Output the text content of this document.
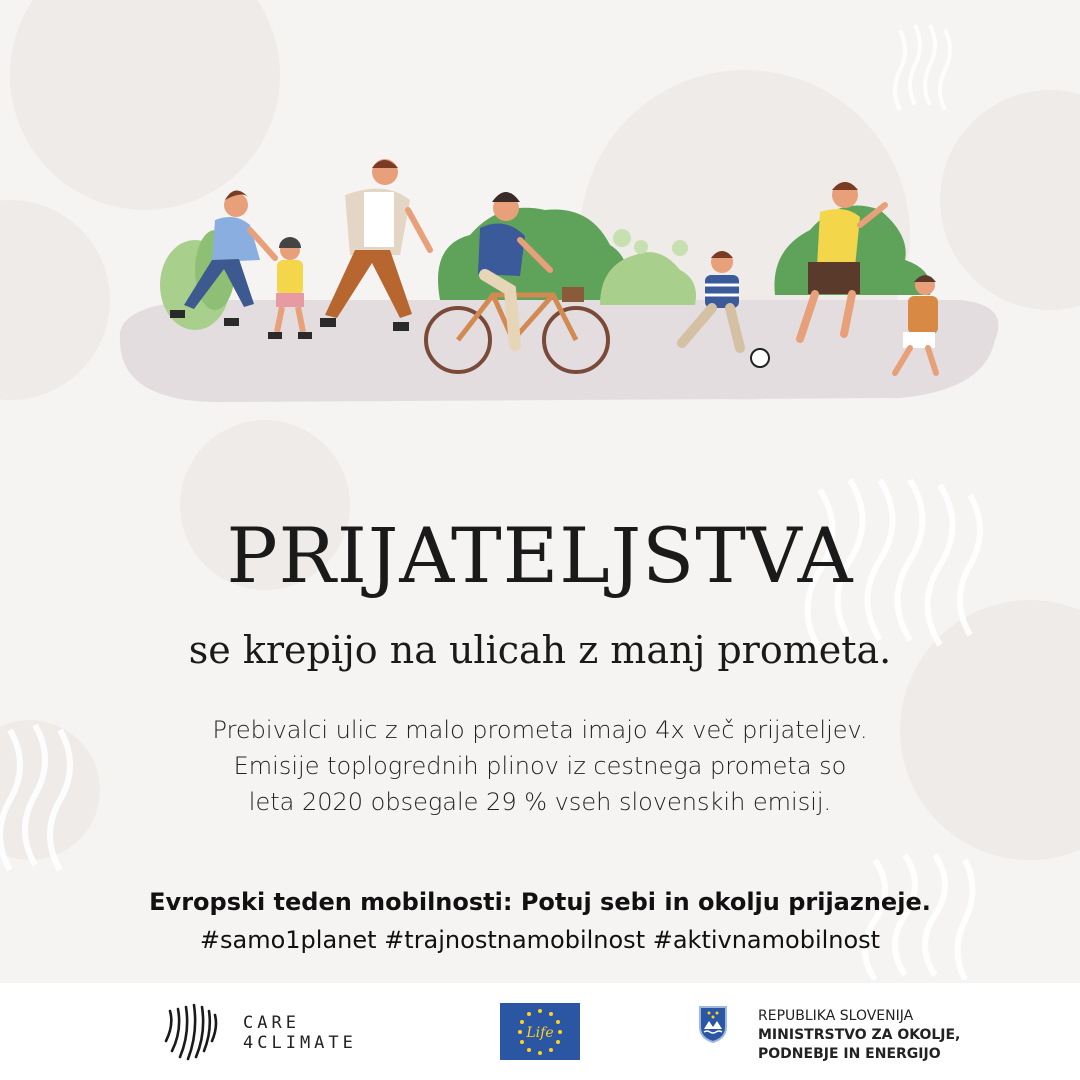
PRIJATELJSTVA
se krepijo na ulicah z manj prometa.
Prebivalci ulic z malo prometa imajo 4x več prijateljev.
Emisije toplogrednih plinov iz cestnega prometa so
leta 2020 obsegale 29 % vseh slovenskih emisij.
Evropski teden mobilnosti: Potuj sebi in okolju prijazneje.
#samo1planet #trajnostnamobilnost #aktivnamobilnost
CARE
4CLIMATE	Life
REPUBLIKA SLOVENIJA
MINISTRSTVO ZA OKOLJE,
PODNEBJE IN ENERGIJO
